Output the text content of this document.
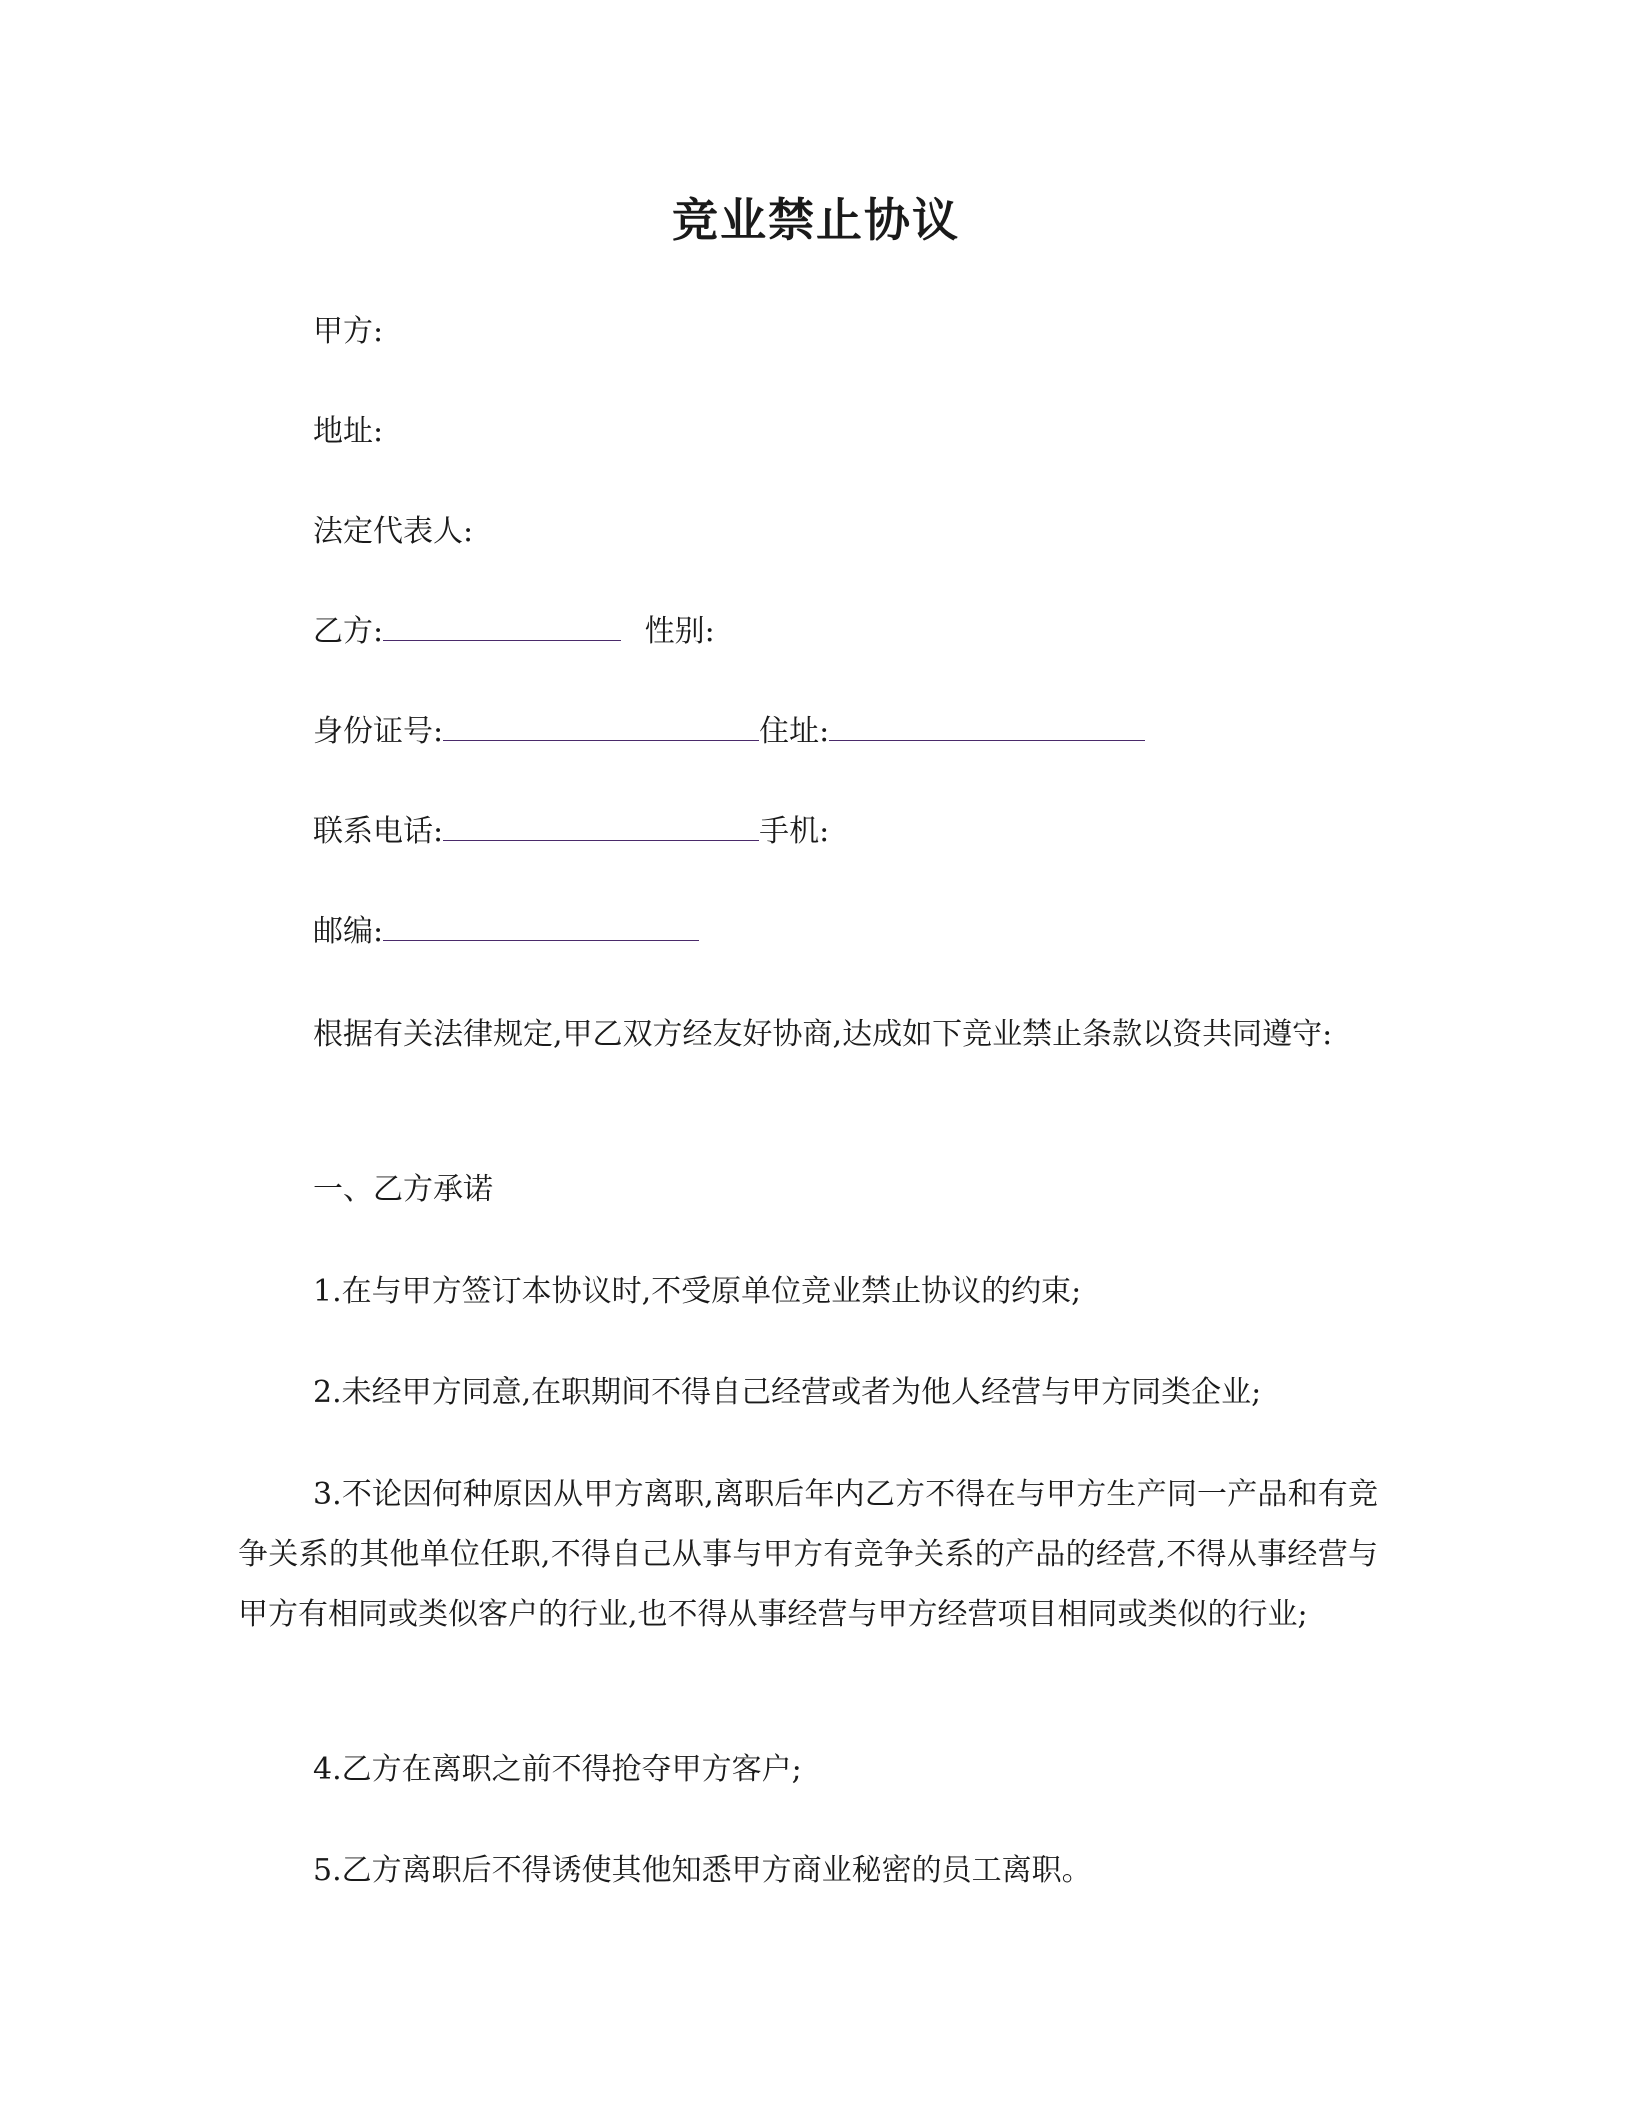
竞业禁止协议
甲方:
地址:
法定代表人:
乙方:	性别:
身份证号:	住址:
联系电话:	手机:
邮编:
根据有关法律规定,甲乙双方经友好协商,达成如下竞业禁止条款以资共同遵守:
一、乙方承诺
1.在与甲方签订本协议时,不受原单位竞业禁止协议的约束;
2.未经甲方同意,在职期间不得自己经营或者为他人经营与甲方同类企业;
3.不论因何种原因从甲方离职,离职后年内乙方不得在与甲方生产同一产品和有竞争关系的其他单位任职,不得自己从事与甲方有竞争关系的产品的经营,不得从事经营与甲方有相同或类似客户的行业,也不得从事经营与甲方经营项目相同或类似的行业;
4.乙方在离职之前不得抢夺甲方客户;
5.乙方离职后不得诱使其他知悉甲方商业秘密的员工离职。
